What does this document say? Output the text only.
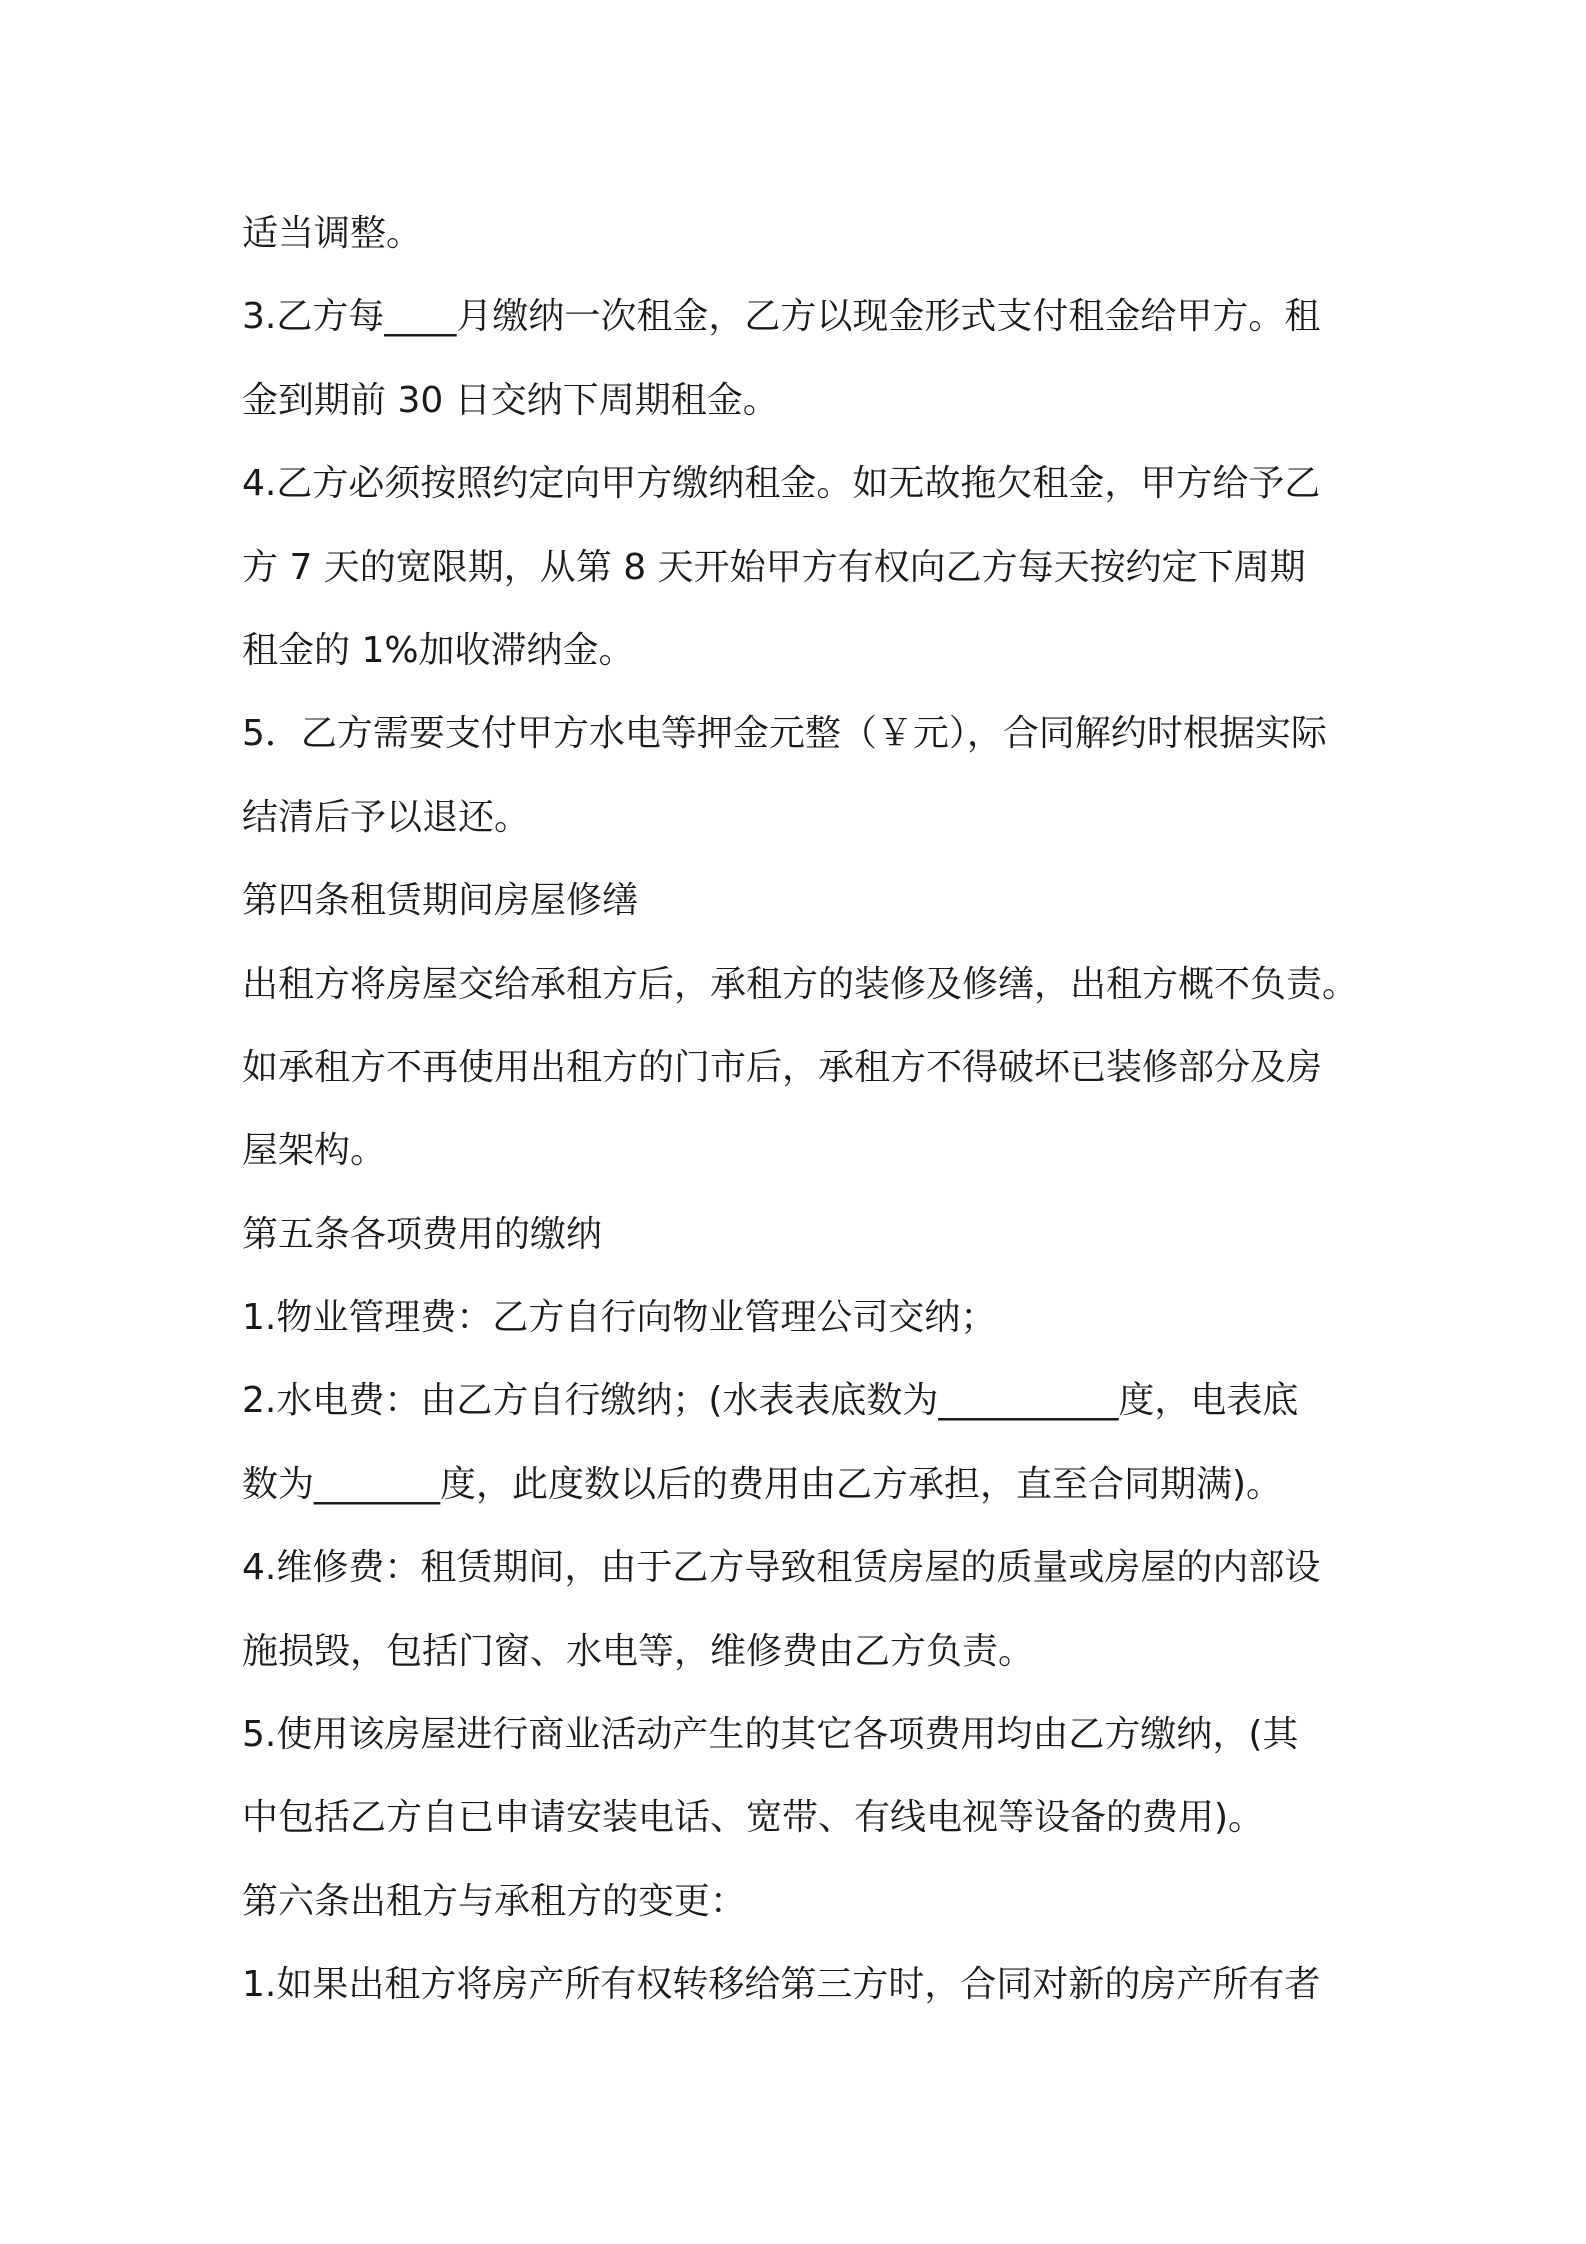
适当调整。
3.乙方每____月缴纳一次租金，乙方以现金形式支付租金给甲方。租
金到期前 30 日交纳下周期租金。
4.乙方必须按照约定向甲方缴纳租金。如无故拖欠租金，甲方给予乙
方 7 天的宽限期，从第 8 天开始甲方有权向乙方每天按约定下周期
租金的 1%加收滞纳金。
5．乙方需要支付甲方水电等押金元整（￥元），合同解约时根据实际
结清后予以退还。
第四条租赁期间房屋修缮
出租方将房屋交给承租方后，承租方的装修及修缮，出租方概不负责。
如承租方不再使用出租方的门市后，承租方不得破坏已装修部分及房
屋架构。
第五条各项费用的缴纳
1.物业管理费：乙方自行向物业管理公司交纳；
2.水电费：由乙方自行缴纳；(水表表底数为__________度，电表底
数为_______度，此度数以后的费用由乙方承担，直至合同期满)。
4.维修费：租赁期间，由于乙方导致租赁房屋的质量或房屋的内部设
施损毁，包括门窗、水电等，维修费由乙方负责。
5.使用该房屋进行商业活动产生的其它各项费用均由乙方缴纳，(其
中包括乙方自已申请安装电话、宽带、有线电视等设备的费用)。
第六条出租方与承租方的变更：
1.如果出租方将房产所有权转移给第三方时，合同对新的房产所有者
